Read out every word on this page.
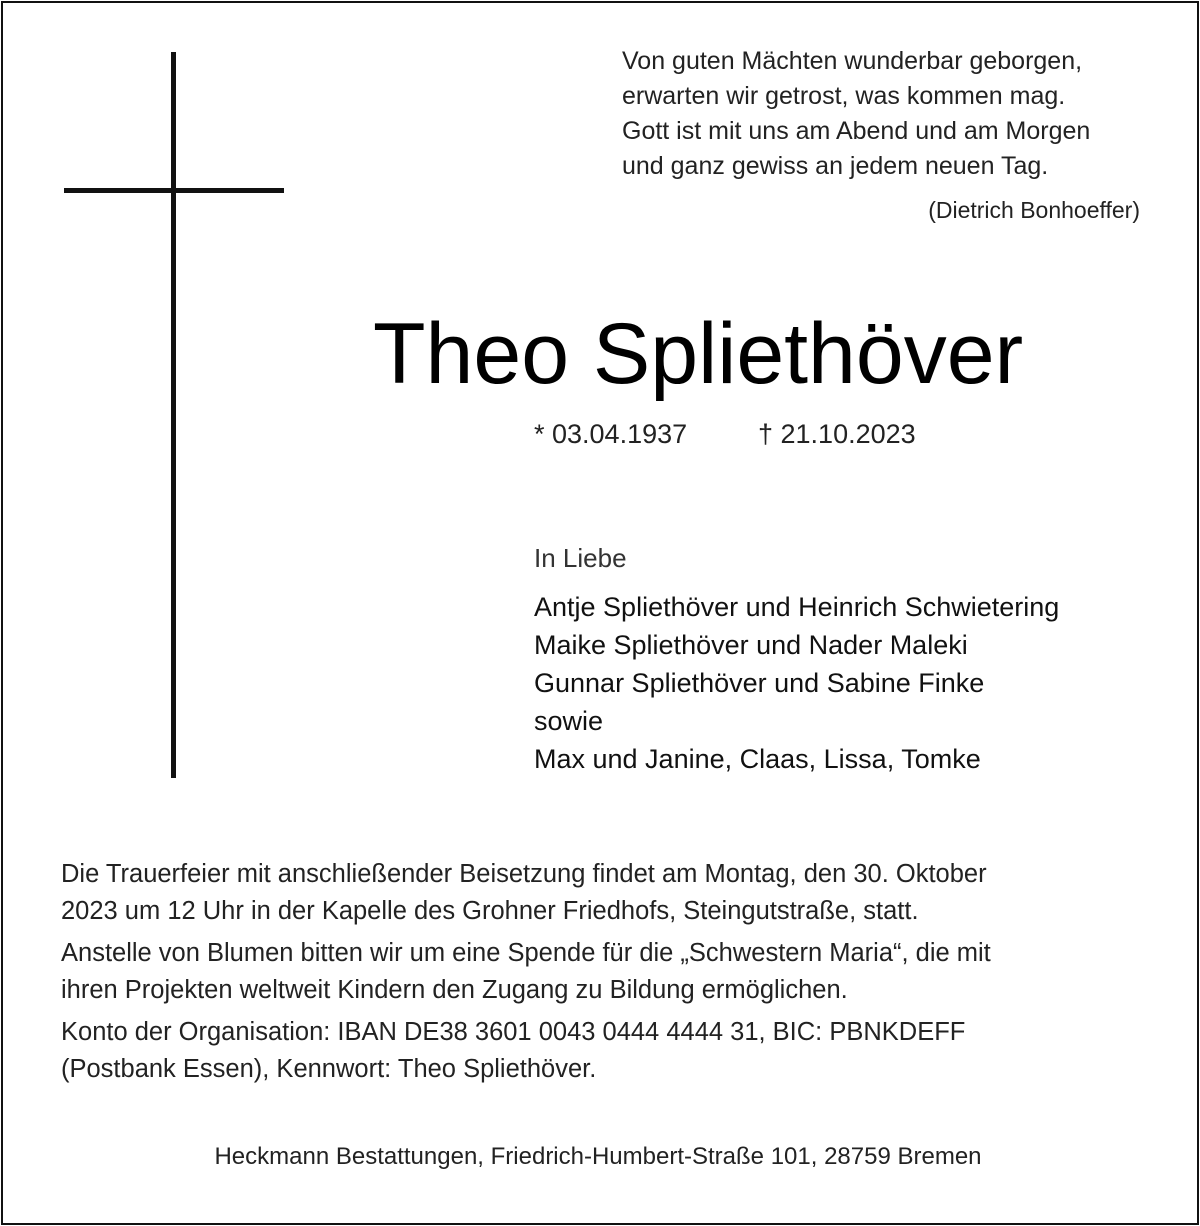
Von guten Mächten wunderbar geborgen,
erwarten wir getrost, was kommen mag.
Gott ist mit uns am Abend und am Morgen
und ganz gewiss an jedem neuen Tag.
(Dietrich Bonhoeffer)
Theo Spliethöver
* 03.04.1937	† 21.10.2023
In Liebe
Antje Spliethöver und Heinrich Schwietering
Maike Spliethöver und Nader Maleki
Gunnar Spliethöver und Sabine Finke
sowie
Max und Janine, Claas, Lissa, Tomke
Die Trauerfeier mit anschließender Beisetzung findet am Montag, den 30. Oktober
2023 um 12 Uhr in der Kapelle des Grohner Friedhofs, Steingutstraße, statt.
Anstelle von Blumen bitten wir um eine Spende für die „Schwestern Maria“, die mit
ihren Projekten weltweit Kindern den Zugang zu Bildung ermöglichen.
Konto der Organisation: IBAN DE38 3601 0043 0444 4444 31, BIC: PBNKDEFF
(Postbank Essen), Kennwort: Theo Spliethöver.
Heckmann Bestattungen, Friedrich-Humbert-Straße 101, 28759 Bremen
